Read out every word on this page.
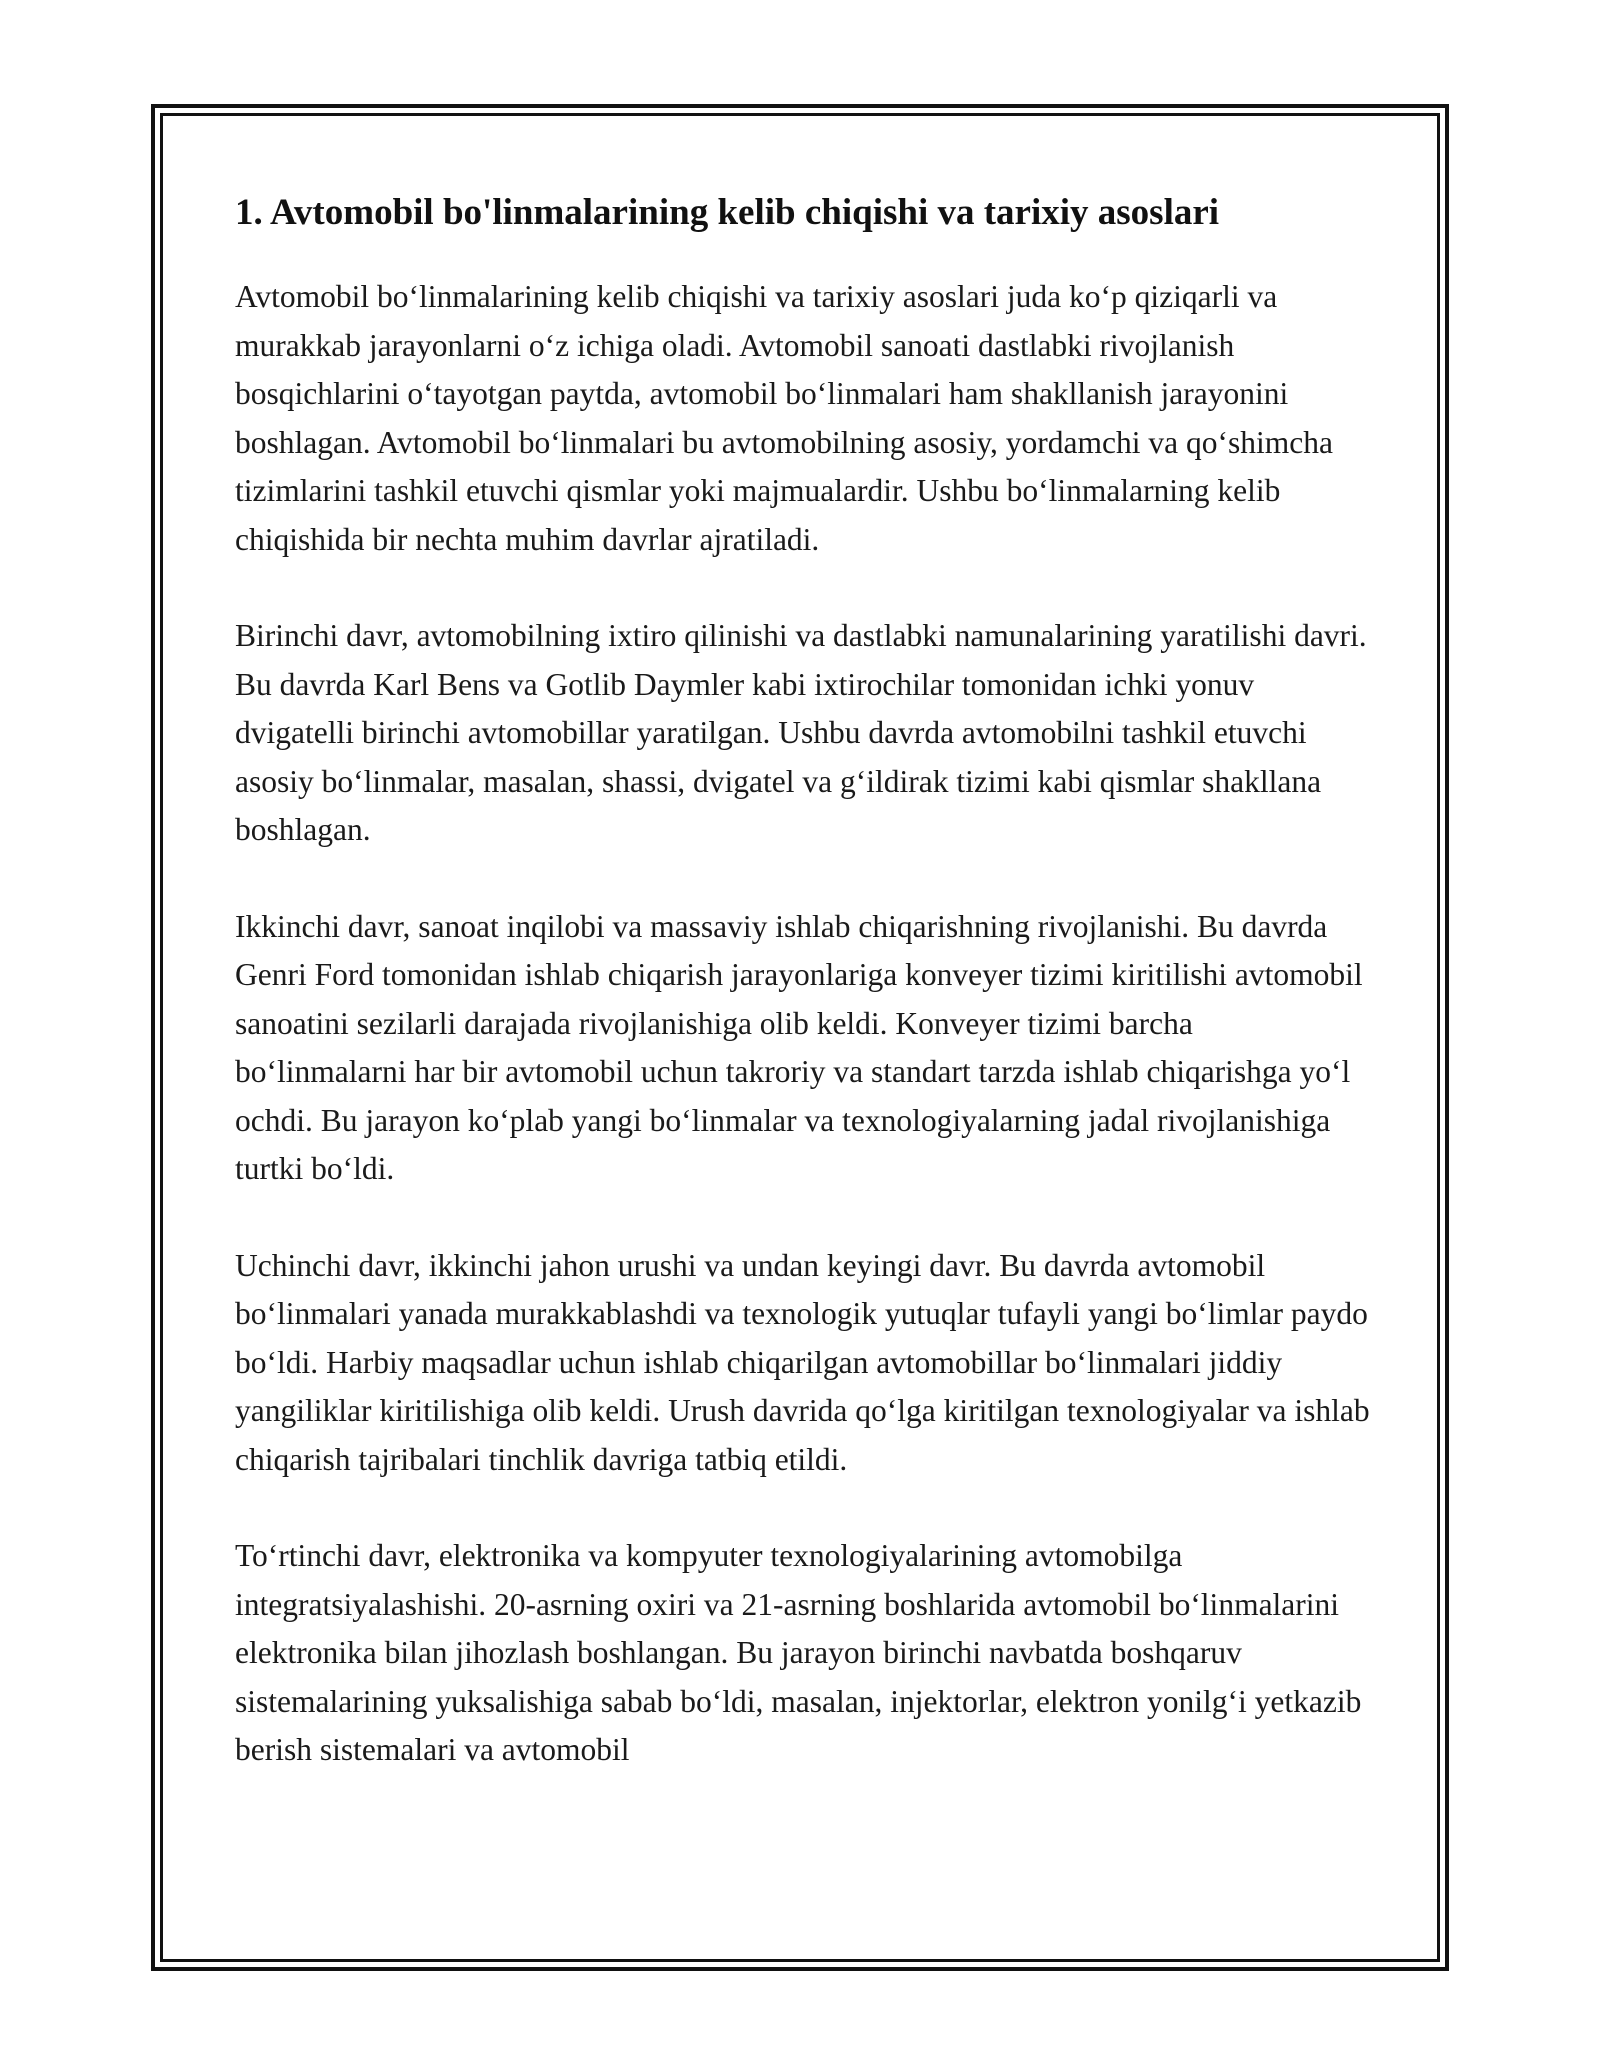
1. Avtomobil bo'linmalarining kelib chiqishi va tarixiy asoslari

Avtomobil bo‘linmalarining kelib chiqishi va tarixiy asoslari juda ko‘p qiziqarli va murakkab jarayonlarni o‘z ichiga oladi. Avtomobil sanoati dastlabki rivojlanish bosqichlarini o‘tayotgan paytda, avtomobil bo‘linmalari ham shakllanish jarayonini boshlagan. Avtomobil bo‘linmalari bu avtomobilning asosiy, yordamchi va qo‘shimcha tizimlarini tashkil etuvchi qismlar yoki majmualardir. Ushbu bo‘linmalarning kelib chiqishida bir nechta muhim davrlar ajratiladi.

Birinchi davr, avtomobilning ixtiro qilinishi va dastlabki namunalarining yaratilishi davri. Bu davrda Karl Bens va Gotlib Daymler kabi ixtirochilar tomonidan ichki yonuv dvigatelli birinchi avtomobillar yaratilgan. Ushbu davrda avtomobilni tashkil etuvchi asosiy bo‘linmalar, masalan, shassi, dvigatel va g‘ildirak tizimi kabi qismlar shakllana boshlagan.

Ikkinchi davr, sanoat inqilobi va massaviy ishlab chiqarishning rivojlanishi. Bu davrda Genri Ford tomonidan ishlab chiqarish jarayonlariga konveyer tizimi kiritilishi avtomobil sanoatini sezilarli darajada rivojlanishiga olib keldi. Konveyer tizimi barcha bo‘linmalarni har bir avtomobil uchun takroriy va standart tarzda ishlab chiqarishga yo‘l ochdi. Bu jarayon ko‘plab yangi bo‘linmalar va texnologiyalarning jadal rivojlanishiga turtki bo‘ldi.

Uchinchi davr, ikkinchi jahon urushi va undan keyingi davr. Bu davrda avtomobil bo‘linmalari yanada murakkablashdi va texnologik yutuqlar tufayli yangi bo‘limlar paydo bo‘ldi. Harbiy maqsadlar uchun ishlab chiqarilgan avtomobillar bo‘linmalari jiddiy yangiliklar kiritilishiga olib keldi. Urush davrida qo‘lga kiritilgan texnologiyalar va ishlab chiqarish tajribalari tinchlik davriga tatbiq etildi.

To‘rtinchi davr, elektronika va kompyuter texnologiyalarining avtomobilga integratsiyalashishi. 20-asrning oxiri va 21-asrning boshlarida avtomobil bo‘linmalarini elektronika bilan jihozlash boshlangan. Bu jarayon birinchi navbatda boshqaruv sistemalarining yuksalishiga sabab bo‘ldi, masalan, injektorlar, elektron yonilg‘i yetkazib berish sistemalari va avtomobil
